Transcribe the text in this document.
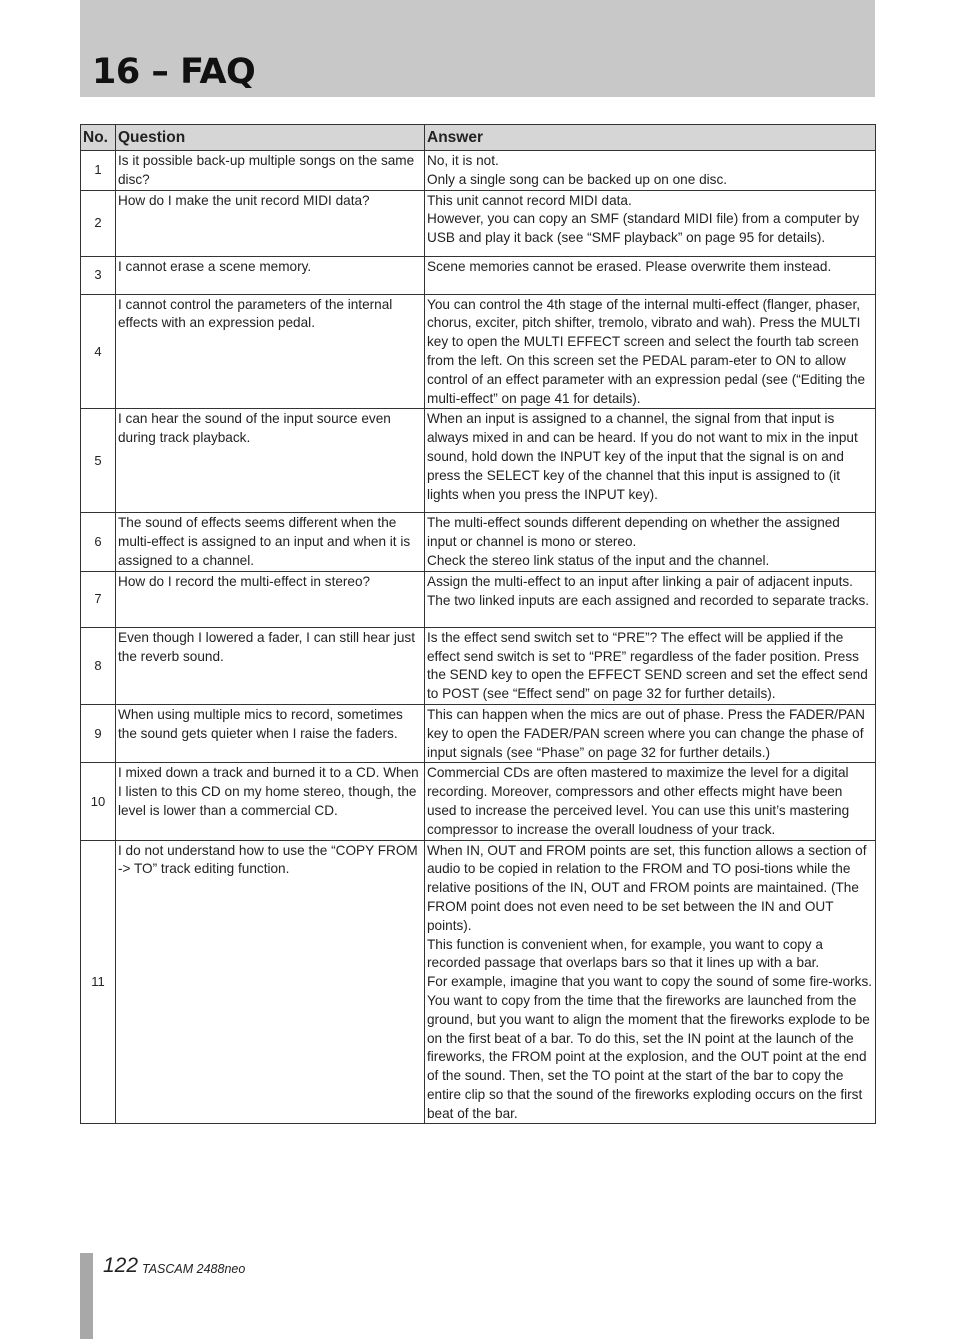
16 – FAQ
No.	Question	Answer
1	Is it possible back-up multiple songs on the same disc?	No, it is not.
Only a single song can be backed up on one disc.

2	How do I make the unit record MIDI data?	This unit cannot record MIDI data.
However, you can copy an SMF (standard MIDI file) from a computer by USB and play it back (see “SMF playback” on page 95 for details).

3	I cannot erase a scene memory.	Scene memories cannot be erased. Please overwrite them instead.

4	I cannot control the parameters of the internal effects with an expression pedal.	You can control the 4th stage of the internal multi-effect (flanger, phaser, chorus, exciter, pitch shifter, tremolo, vibrato and wah). Press the MULTI key to open the MULTI EFFECT screen and select the fourth tab screen from the left. On this screen set the PEDAL param-eter to ON to allow control of an effect parameter with an expression pedal (see (“Editing the multi-effect” on page 41 for details).

5	I can hear the sound of the input source even during track playback.	When an input is assigned to a channel, the signal from that input is always mixed in and can be heard. If you do not want to mix in the input sound, hold down the INPUT key of the input that the signal is on and press the SELECT key of the channel that this input is assigned to (it lights when you press the INPUT key).

6	The sound of effects seems different when the multi-effect is assigned to an input and when it is assigned to a channel.	The multi-effect sounds different depending on whether the assigned input or channel is mono or stereo.
Check the stereo link status of the input and the channel.

7	How do I record the multi-effect in stereo?	Assign the multi-effect to an input after linking a pair of adjacent inputs. The two linked inputs are each assigned and recorded to separate tracks.

8	Even though I lowered a fader, I can still hear just the reverb sound.	Is the effect send switch set to “PRE”? The effect will be applied if the effect send switch is set to “PRE” regardless of the fader position. Press the SEND key to open the EFFECT SEND screen and set the effect send to POST (see “Effect send” on page 32 for further details).

9	When using multiple mics to record, sometimes the sound gets quieter when I raise the faders.	This can happen when the mics are out of phase. Press the FADER/PAN key to open the FADER/PAN screen where you can change the phase of input signals (see “Phase” on page 32 for further details.)

10	I mixed down a track and burned it to a CD. When I listen to this CD on my home stereo, though, the level is lower than a commercial CD.	Commercial CDs are often mastered to maximize the level for a digital recording. Moreover, compressors and other effects might have been used to increase the perceived level. You can use this unit’s mastering compressor to increase the overall loudness of your track.

11	I do not understand how to use the “COPY FROM -> TO” track editing function.	When IN, OUT and FROM points are set, this function allows a section of audio to be copied in relation to the FROM and TO posi-tions while the relative positions of the IN, OUT and FROM points are maintained. (The FROM point does not even need to be set between the IN and OUT points).
This function is convenient when, for example, you want to copy a recorded passage that overlaps bars so that it lines up with a bar.
For example, imagine that you want to copy the sound of some fire-works. You want to copy from the time that the fireworks are launched from the ground, but you want to align the moment that the fireworks explode to be on the first beat of a bar. To do this, set the IN point at the launch of the fireworks, the FROM point at the explosion, and the OUT point at the end of the sound. Then, set the TO point at the start of the bar to copy the entire clip so that the sound of the fireworks exploding occurs on the first beat of the bar.
122 TASCAM 2488neo
